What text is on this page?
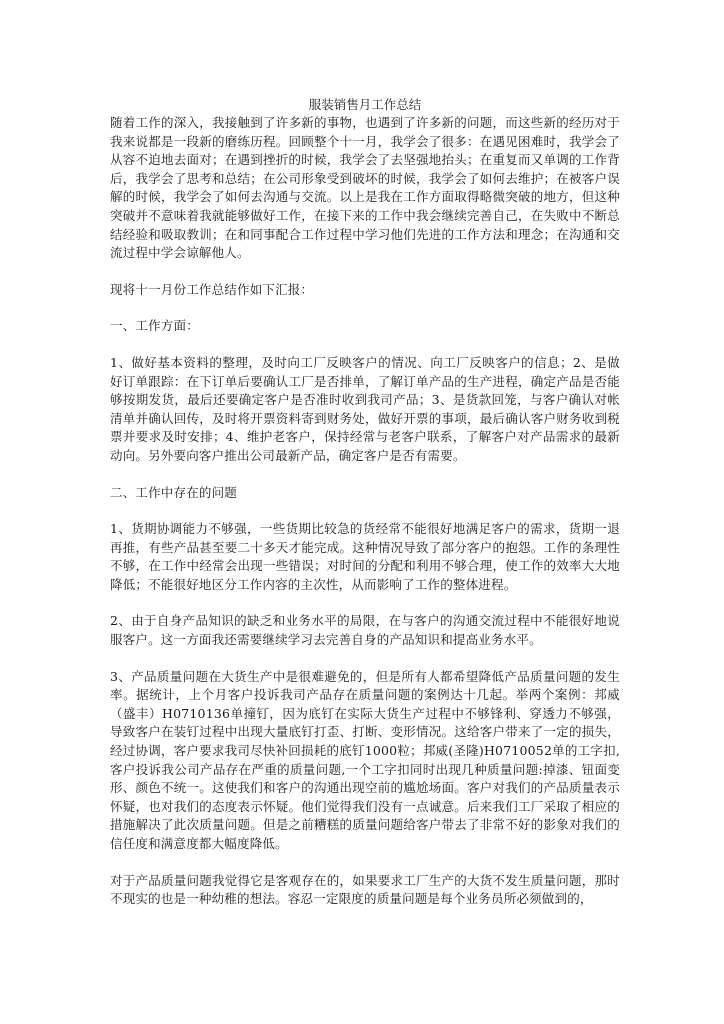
服装销售月工作总结

随着工作的深入，我接触到了许多新的事物，也遇到了许多新的问题，而这些新的经历对于我来说都是一段新的磨练历程。回顾整个十一月，我学会了很多：在遇见困难时，我学会了从容不迫地去面对；在遇到挫折的时候，我学会了去坚强地抬头；在重复而又单调的工作背后，我学会了思考和总结；在公司形象受到破坏的时候，我学会了如何去维护；在被客户误解的时候，我学会了如何去沟通与交流。以上是我在工作方面取得略微突破的地方，但这种突破并不意味着我就能够做好工作，在接下来的工作中我会继续完善自己，在失败中不断总结经验和吸取教训；在和同事配合工作过程中学习他们先进的工作方法和理念；在沟通和交流过程中学会谅解他人。

现将十一月份工作总结作如下汇报：

一、工作方面：

1、做好基本资料的整理，及时向工厂反映客户的情况、向工厂反映客户的信息；2、是做好订单跟踪：在下订单后要确认工厂是否排单，了解订单产品的生产进程，确定产品是否能够按期发货，最后还要确定客户是否准时收到我司产品；3、是货款回笼，与客户确认对帐清单并确认回传，及时将开票资料寄到财务处，做好开票的事项，最后确认客户财务收到税票并要求及时安排；4、维护老客户，保持经常与老客户联系，了解客户对产品需求的最新动向。另外要向客户推出公司最新产品，确定客户是否有需要。

二、工作中存在的问题

1、货期协调能力不够强，一些货期比较急的货经常不能很好地满足客户的需求，货期一退再推，有些产品甚至要二十多天才能完成。这种情况导致了部分客户的抱怨。工作的条理性不够，在工作中经常会出现一些错误；对时间的分配和利用不够合理，使工作的效率大大地降低；不能很好地区分工作内容的主次性，从而影响了工作的整体进程。

2、由于自身产品知识的缺乏和业务水平的局限，在与客户的沟通交流过程中不能很好地说服客户。这一方面我还需要继续学习去完善自身的产品知识和提高业务水平。

3、产品质量问题在大货生产中是很难避免的，但是所有人都希望降低产品质量问题的发生率。据统计，上个月客户投诉我司产品存在质量问题的案例达十几起。举两个案例：邦威（盛丰）H0710136单撞钉，因为底钉在实际大货生产过程中不够锋利、穿透力不够强，导致客户在装钉过程中出现大量底钉打歪、打断、变形情况。这给客户带来了一定的损失，经过协调，客户要求我司尽快补回损耗的底钉1000粒；邦威(圣隆)H0710052单的工字扣,客户投诉我公司产品存在严重的质量问题,一个工字扣同时出现几种质量问题:掉漆、钮面变形、颜色不统一。这使我们和客户的沟通出现空前的尴尬场面。客户对我们的产品质量表示怀疑，也对我们的态度表示怀疑。他们觉得我们没有一点诚意。后来我们工厂采取了相应的措施解决了此次质量问题。但是之前糟糕的质量问题给客户带去了非常不好的影象对我们的信任度和满意度都大幅度降低。

对于产品质量问题我觉得它是客观存在的，如果要求工厂生产的大货不发生质量问题，那时不现实的也是一种幼稚的想法。容忍一定限度的质量问题是每个业务员所必须做到的，
